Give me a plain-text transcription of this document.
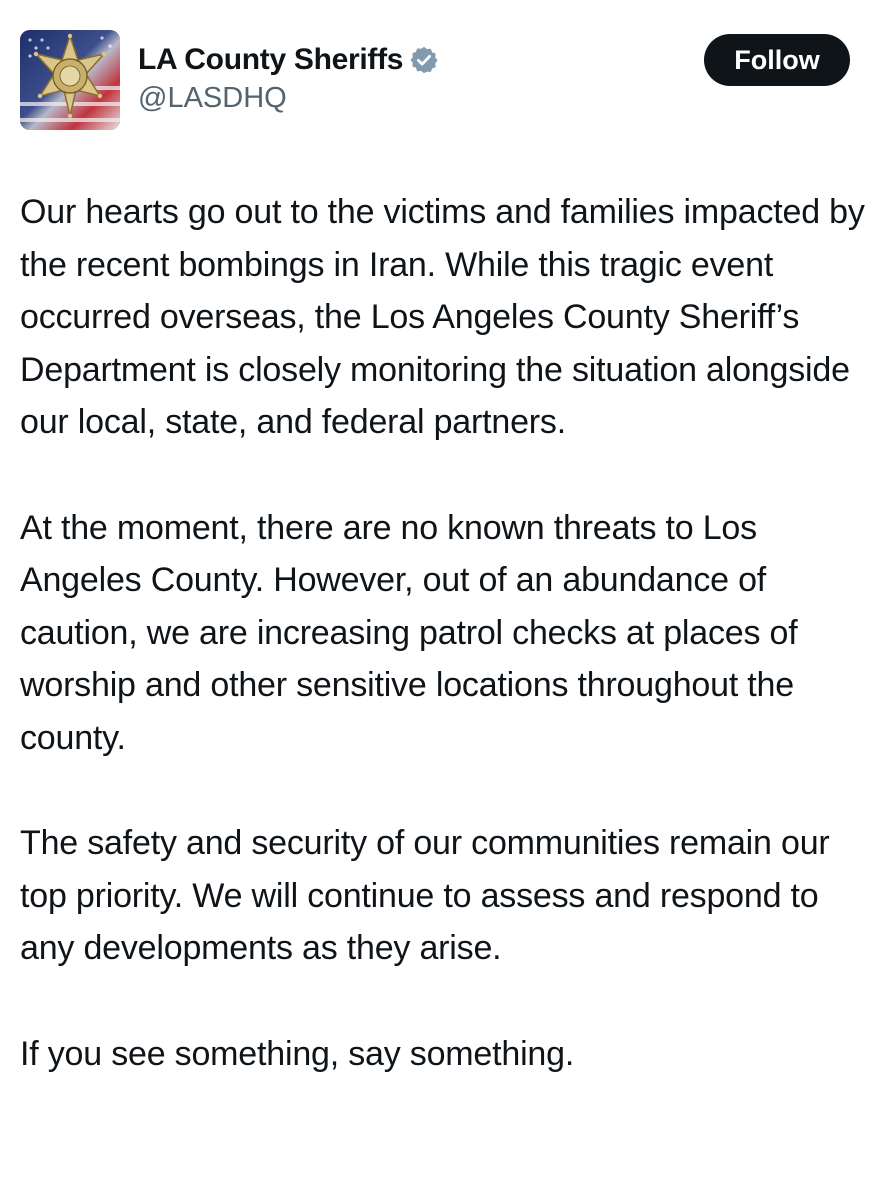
LA County Sheriffs
@LASDHQ
Follow

Our hearts go out to the victims and families impacted by the recent bombings in Iran. While this tragic event occurred overseas, the Los Angeles County Sheriff’s Department is closely monitoring the situation alongside our local, state, and federal partners.

At the moment, there are no known threats to Los Angeles County. However, out of an abundance of caution, we are increasing patrol checks at places of worship and other sensitive locations throughout the county.

The safety and security of our communities remain our top priority. We will continue to assess and respond to any developments as they arise.

If you see something, say something.
